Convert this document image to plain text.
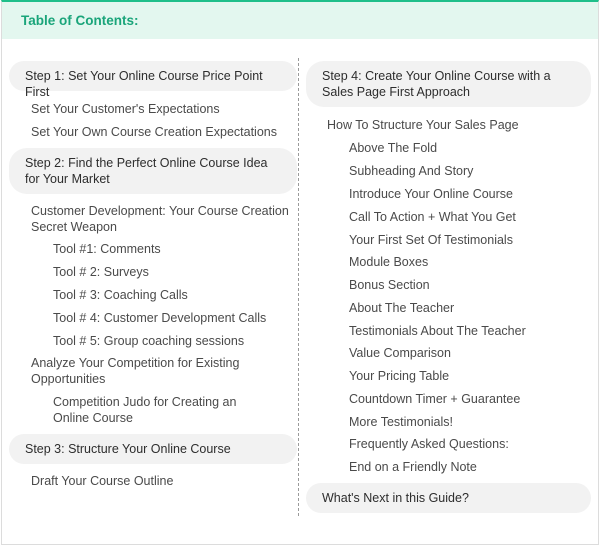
Table of Contents:
Step 1: Set Your Online Course Price Point First
Set Your Customer's Expectations
Set Your Own Course Creation Expectations
Step 2: Find the Perfect Online Course Idea for Your Market
Customer Development: Your Course Creation Secret Weapon
Tool #1: Comments
Tool # 2: Surveys
Tool # 3: Coaching Calls
Tool # 4: Customer Development Calls
Tool # 5: Group coaching sessions
Analyze Your Competition for Existing Opportunities
Competition Judo for Creating an Online Course
Step 3: Structure Your Online Course
Draft Your Course Outline
Step 4: Create Your Online Course with a Sales Page First Approach
How To Structure Your Sales Page
Above The Fold
Subheading And Story
Introduce Your Online Course
Call To Action + What You Get
Your First Set Of Testimonials
Module Boxes
Bonus Section
About The Teacher
Testimonials About The Teacher
Value Comparison
Your Pricing Table
Countdown Timer + Guarantee
More Testimonials!
Frequently Asked Questions:
End on a Friendly Note
What's Next in this Guide?
